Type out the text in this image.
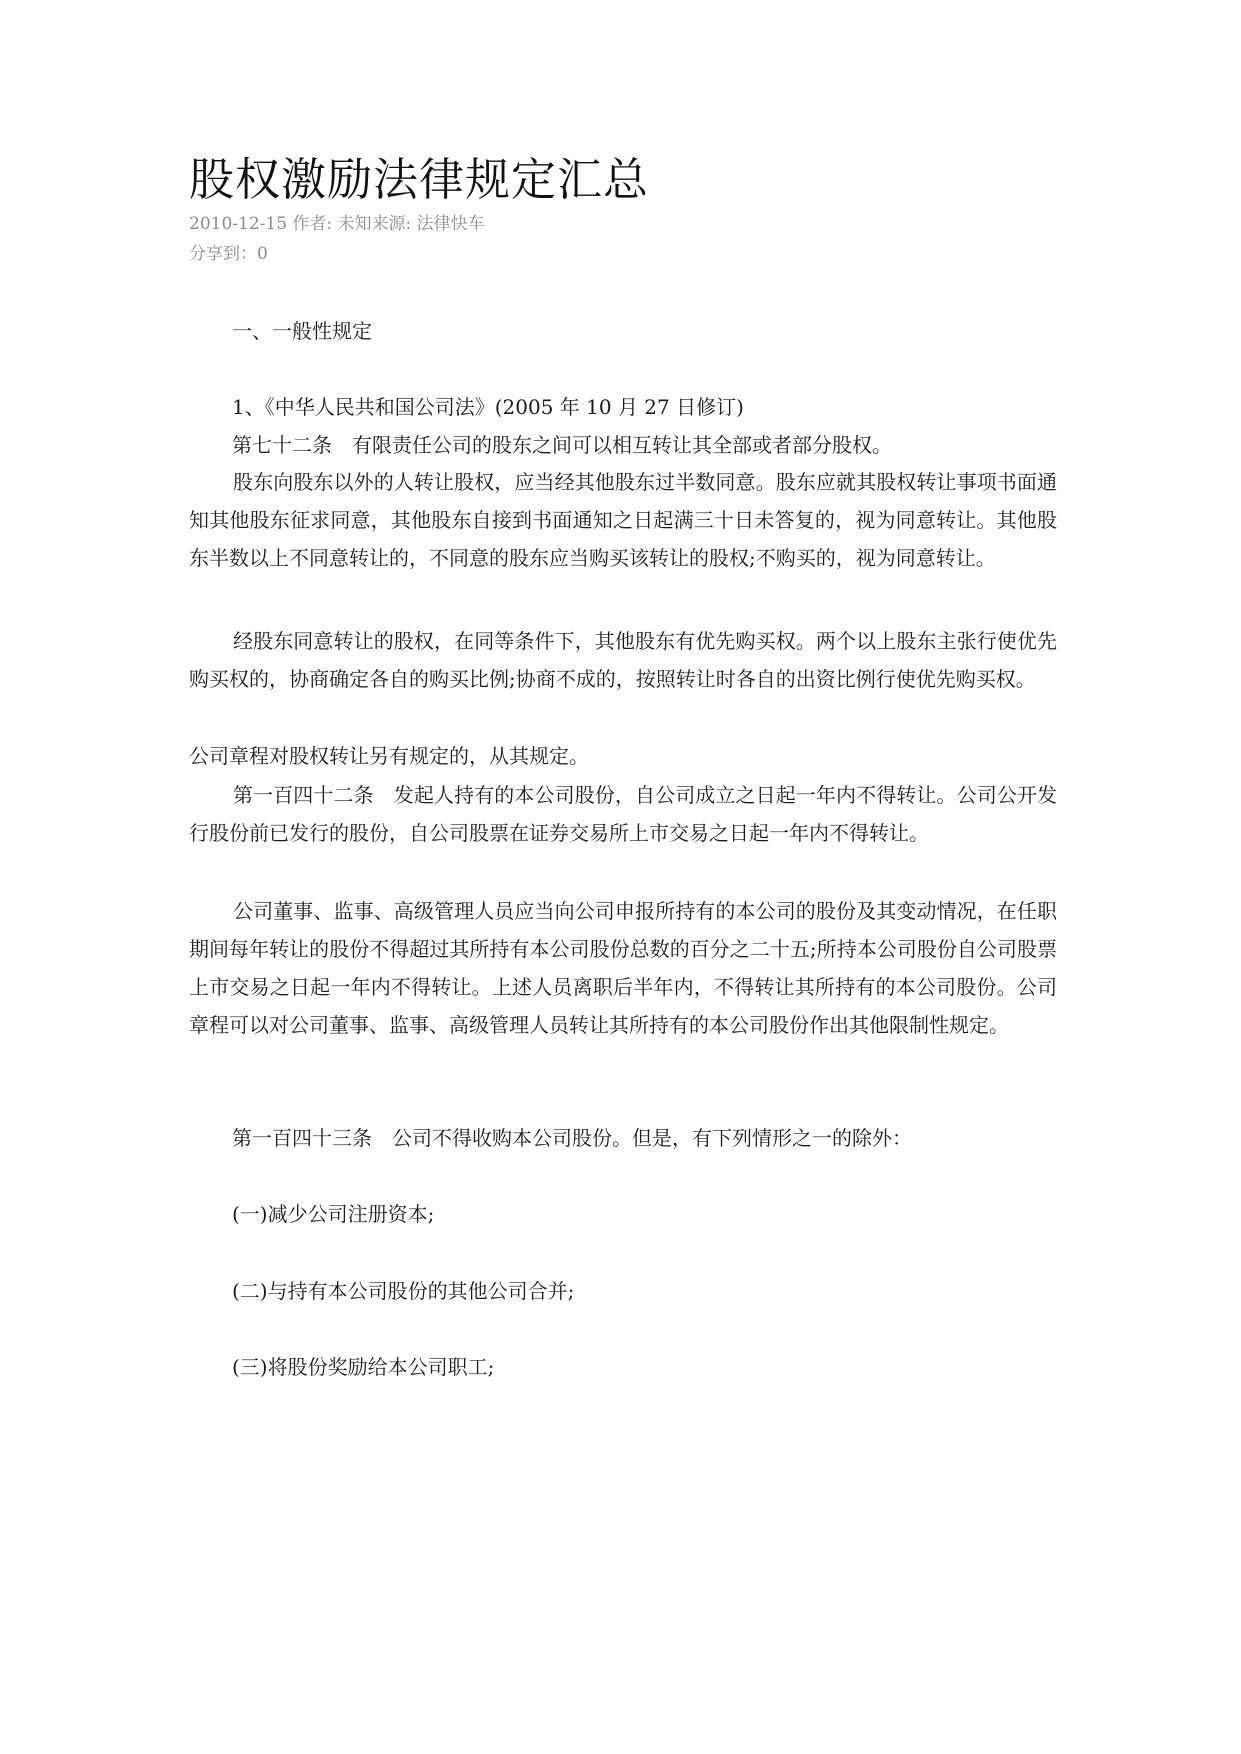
股权激励法律规定汇总
2010-12-15 作者: 未知来源: 法律快车
分享到：0
一、一般性规定
1、《中华人民共和国公司法》(2005 年 10 月 27 日修订)
第七十二条　有限责任公司的股东之间可以相互转让其全部或者部分股权。
股东向股东以外的人转让股权，应当经其他股东过半数同意。股东应就其股权转让事项书面通知其他股东征求同意，其他股东自接到书面通知之日起满三十日未答复的，视为同意转让。其他股东半数以上不同意转让的，不同意的股东应当购买该转让的股权;不购买的，视为同意转让。
经股东同意转让的股权，在同等条件下，其他股东有优先购买权。两个以上股东主张行使优先购买权的，协商确定各自的购买比例;协商不成的，按照转让时各自的出资比例行使优先购买权。
公司章程对股权转让另有规定的，从其规定。
第一百四十二条　发起人持有的本公司股份，自公司成立之日起一年内不得转让。公司公开发行股份前已发行的股份，自公司股票在证券交易所上市交易之日起一年内不得转让。
公司董事、监事、高级管理人员应当向公司申报所持有的本公司的股份及其变动情况，在任职期间每年转让的股份不得超过其所持有本公司股份总数的百分之二十五;所持本公司股份自公司股票上市交易之日起一年内不得转让。上述人员离职后半年内，不得转让其所持有的本公司股份。公司章程可以对公司董事、监事、高级管理人员转让其所持有的本公司股份作出其他限制性规定。
第一百四十三条　公司不得收购本公司股份。但是，有下列情形之一的除外：
(一)减少公司注册资本;
(二)与持有本公司股份的其他公司合并;
(三)将股份奖励给本公司职工;
